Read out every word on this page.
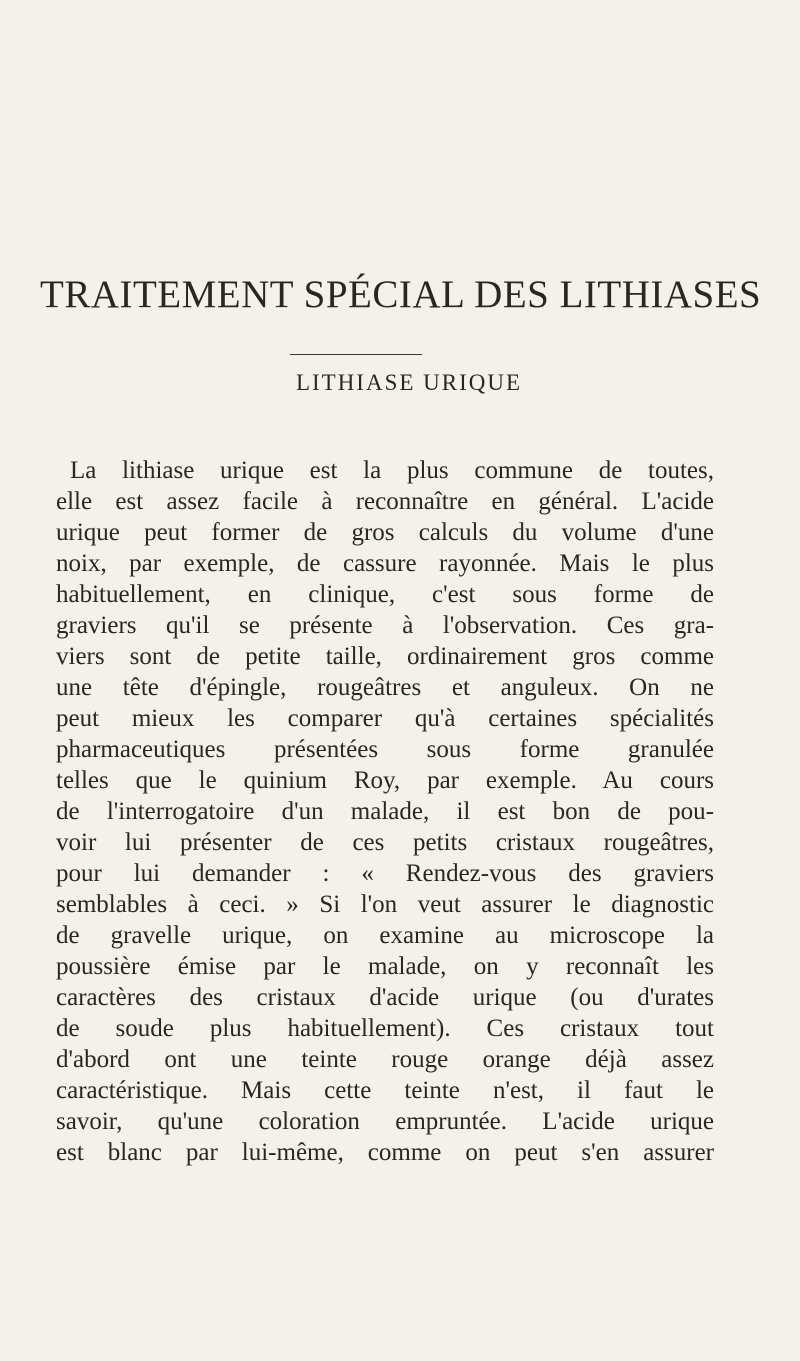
TRAITEMENT SPÉCIAL DES LITHIASES
LITHIASE URIQUE
La lithiase urique est la plus commune de toutes,
elle est assez facile à reconnaître en général. L'acide
urique peut former de gros calculs du volume d'une
noix, par exemple, de cassure rayonnée. Mais le plus
habituellement, en clinique, c'est sous forme de
graviers qu'il se présente à l'observation. Ces gra-
viers sont de petite taille, ordinairement gros comme
une tête d'épingle, rougeâtres et anguleux. On ne
peut mieux les comparer qu'à certaines spécialités
pharmaceutiques présentées sous forme granulée
telles que le quinium Roy, par exemple. Au cours
de l'interrogatoire d'un malade, il est bon de pou-
voir lui présenter de ces petits cristaux rougeâtres,
pour lui demander : « Rendez-vous des graviers
semblables à ceci. » Si l'on veut assurer le diagnostic
de gravelle urique, on examine au microscope la
poussière émise par le malade, on y reconnaît les
caractères des cristaux d'acide urique (ou d'urates
de soude plus habituellement). Ces cristaux tout
d'abord ont une teinte rouge orange déjà assez
caractéristique. Mais cette teinte n'est, il faut le
savoir, qu'une coloration empruntée. L'acide urique
est blanc par lui-même, comme on peut s'en assurer
